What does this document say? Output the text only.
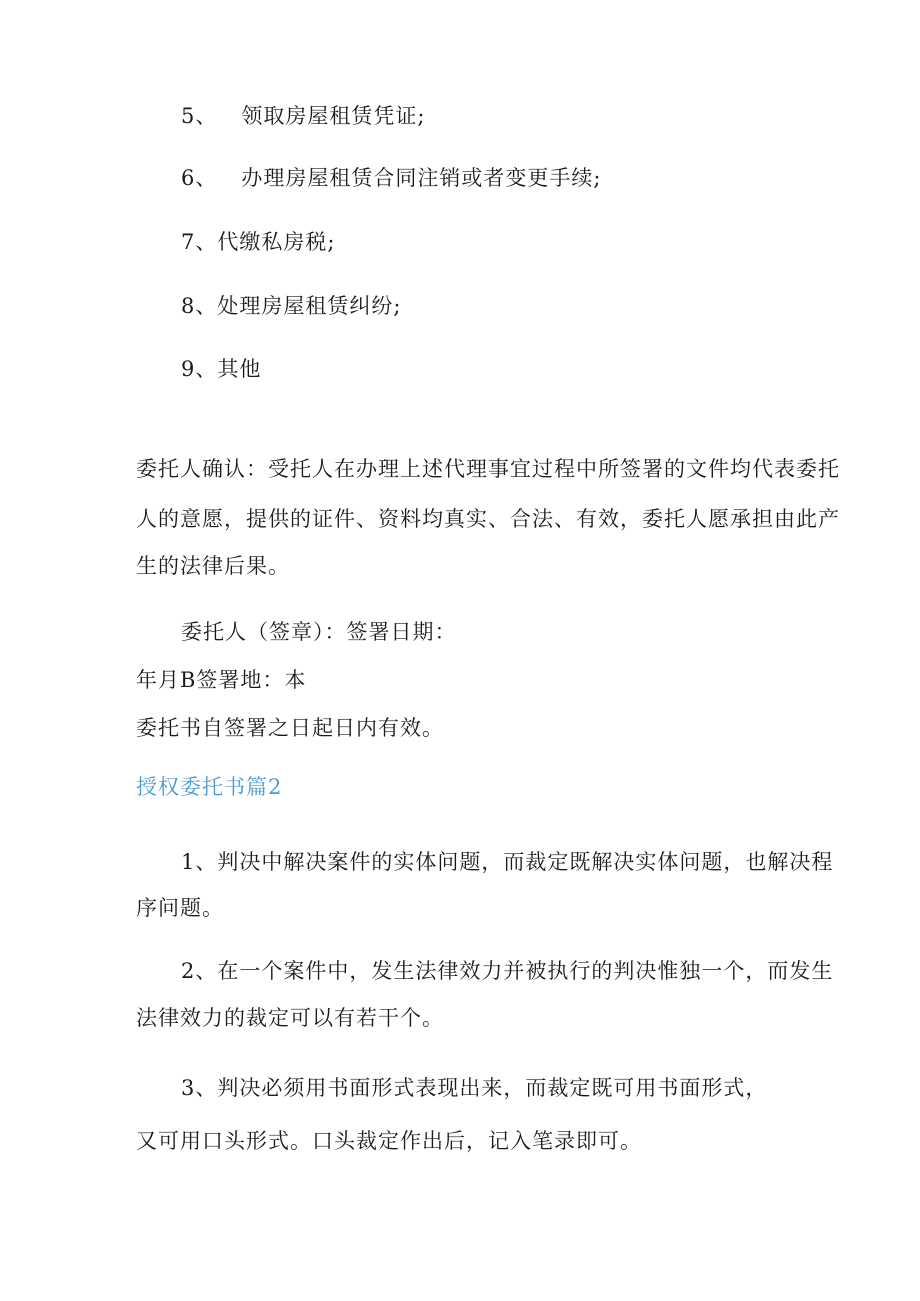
5、 领取房屋租赁凭证;
6、 办理房屋租赁合同注销或者变更手续;
7、代缴私房税;
8、处理房屋租赁纠纷;
9、其他
委托人确认：受托人在办理上述代理事宜过程中所签署的文件均代表委托
人的意愿，提供的证件、资料均真实、合法、有效，委托人愿承担由此产
生的法律后果。
委托人（签章）：签署日期：
年月B签署地：本
委托书自签署之日起日内有效。
授权委托书篇2
1、判决中解决案件的实体问题，而裁定既解决实体问题，也解决程
序问题。
2、在一个案件中，发生法律效力并被执行的判决惟独一个，而发生
法律效力的裁定可以有若干个。
3、判决必须用书面形式表现出来，而裁定既可用书面形式，
又可用口头形式。口头裁定作出后，记入笔录即可。
